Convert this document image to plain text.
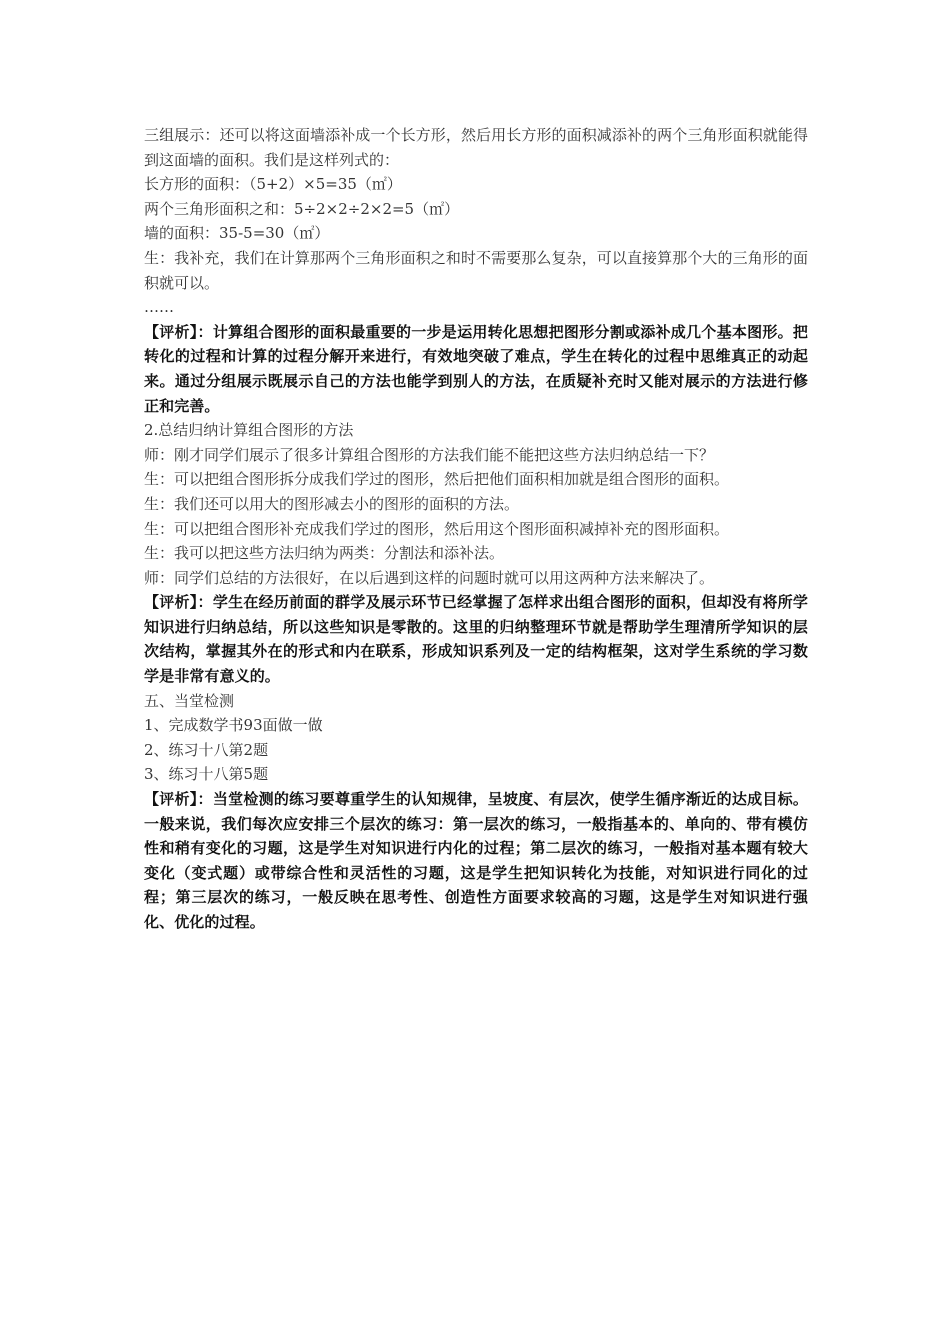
三组展示：还可以将这面墙添补成一个长方形，然后用长方形的面积减添补的两个三角形面积就能得到这面墙的面积。我们是这样列式的：

长方形的面积：（5+2）×5=35（㎡）

两个三角形面积之和：5÷2×2÷2×2=5（㎡）

墙的面积：35-5=30（㎡）

生：我补充，我们在计算那两个三角形面积之和时不需要那么复杂，可以直接算那个大的三角形的面积就可以。

……

【评析】：计算组合图形的面积最重要的一步是运用转化思想把图形分割或添补成几个基本图形。把转化的过程和计算的过程分解开来进行，有效地突破了难点，学生在转化的过程中思维真正的动起来。通过分组展示既展示自己的方法也能学到别人的方法，在质疑补充时又能对展示的方法进行修正和完善。

2.总结归纳计算组合图形的方法

师：刚才同学们展示了很多计算组合图形的方法我们能不能把这些方法归纳总结一下？

生：可以把组合图形拆分成我们学过的图形，然后把他们面积相加就是组合图形的面积。

生：我们还可以用大的图形减去小的图形的面积的方法。

生：可以把组合图形补充成我们学过的图形，然后用这个图形面积减掉补充的图形面积。

生：我可以把这些方法归纳为两类：分割法和添补法。

师：同学们总结的方法很好，在以后遇到这样的问题时就可以用这两种方法来解决了。

【评析】：学生在经历前面的群学及展示环节已经掌握了怎样求出组合图形的面积，但却没有将所学知识进行归纳总结，所以这些知识是零散的。这里的归纳整理环节就是帮助学生理清所学知识的层次结构，掌握其外在的形式和内在联系，形成知识系列及一定的结构框架，这对学生系统的学习数学是非常有意义的。

五、当堂检测

1、完成数学书93面做一做

2、练习十八第2题

3、练习十八第5题

【评析】：当堂检测的练习要尊重学生的认知规律，呈坡度、有层次，使学生循序渐近的达成目标。一般来说，我们每次应安排三个层次的练习：第一层次的练习，一般指基本的、单向的、带有模仿性和稍有变化的习题，这是学生对知识进行内化的过程；第二层次的练习，一般指对基本题有较大变化（变式题）或带综合性和灵活性的习题，这是学生把知识转化为技能，对知识进行同化的过程；第三层次的练习，一般反映在思考性、创造性方面要求较高的习题，这是学生对知识进行强化、优化的过程。
